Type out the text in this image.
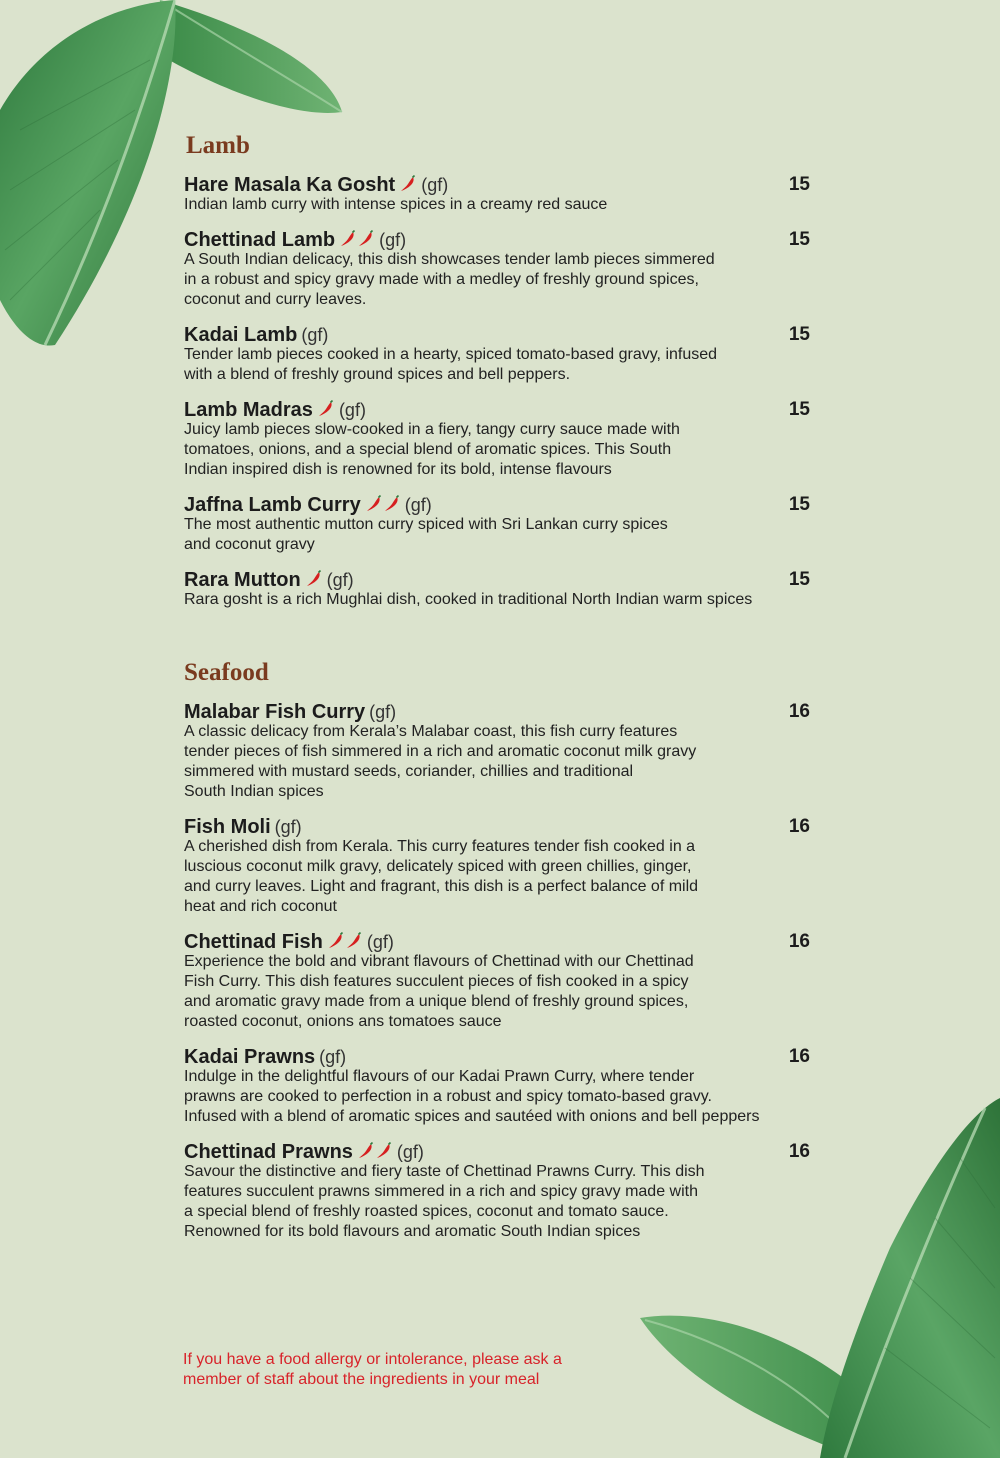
Lamb
Hare Masala Ka Gosht (gf)	15
Indian lamb curry with intense spices in a creamy red sauce
Chettinad Lamb (gf)	15
A South Indian delicacy, this dish showcases tender lamb pieces simmered
in a robust and spicy gravy made with a medley of freshly ground spices,
coconut and curry leaves.
Kadai Lamb (gf)	15
Tender lamb pieces cooked in a hearty, spiced tomato-based gravy, infused
with a blend of freshly ground spices and bell peppers.
Lamb Madras (gf)	15
Juicy lamb pieces slow-cooked in a fiery, tangy curry sauce made with
tomatoes, onions, and a special blend of aromatic spices. This South
Indian inspired dish is renowned for its bold, intense flavours
Jaffna Lamb Curry (gf)	15
The most authentic mutton curry spiced with Sri Lankan curry spices
and coconut gravy
Rara Mutton (gf)	15
Rara gosht is a rich Mughlai dish, cooked in traditional North Indian warm spices
Seafood
Malabar Fish Curry (gf)	16
A classic delicacy from Kerala’s Malabar coast, this fish curry features
tender pieces of fish simmered in a rich and aromatic coconut milk gravy
simmered with mustard seeds, coriander, chillies and traditional
South Indian spices
Fish Moli (gf)	16
A cherished dish from Kerala. This curry features tender fish cooked in a
luscious coconut milk gravy, delicately spiced with green chillies, ginger,
and curry leaves. Light and fragrant, this dish is a perfect balance of mild
heat and rich coconut
Chettinad Fish (gf)	16
Experience the bold and vibrant flavours of Chettinad with our Chettinad
Fish Curry. This dish features succulent pieces of fish cooked in a spicy
and aromatic gravy made from a unique blend of freshly ground spices,
roasted coconut, onions ans tomatoes sauce
Kadai Prawns (gf)	16
Indulge in the delightful flavours of our Kadai Prawn Curry, where tender
prawns are cooked to perfection in a robust and spicy tomato-based gravy.
Infused with a blend of aromatic spices and sautéed with onions and bell peppers
Chettinad Prawns (gf)	16
Savour the distinctive and fiery taste of Chettinad Prawns Curry. This dish
features succulent prawns simmered in a rich and spicy gravy made with
a special blend of freshly roasted spices, coconut and tomato sauce.
Renowned for its bold flavours and aromatic South Indian spices
If you have a food allergy or intolerance, please ask a
member of staff about the ingredients in your meal
